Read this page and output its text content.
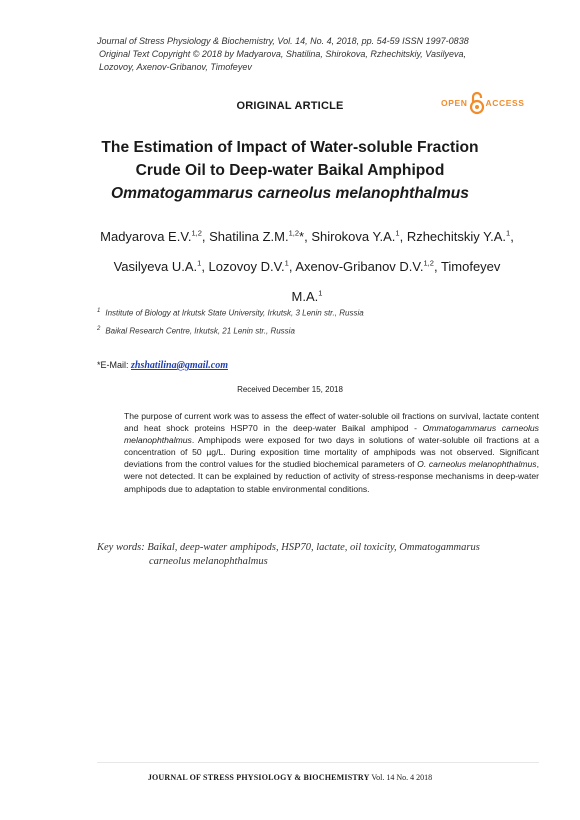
Journal of Stress Physiology & Biochemistry, Vol. 14, No. 4, 2018, pp. 54-59 ISSN 1997-0838
Original Text Copyright © 2018 by Madyarova, Shatilina, Shirokova, Rzhechitskiy, Vasilyeva,
Lozovoy, Axenov-Gribanov, Timofeyev
ORIGINAL ARTICLE	OPEN ACCESS
The Estimation of Impact of Water-soluble Fraction
Crude Oil to Deep-water Baikal Amphipod
Ommatogammarus carneolus melanophthalmus
Madyarova E.V.$^{1,2}$, Shatilina Z.M.$^{1,2}$*, Shirokova Y.A.$^1$, Rzhechitskiy Y.A.$^1$, Vasilyeva U.A.$^1$, Lozovoy D.V.$^1$, Axenov-Gribanov D.V.$^{1,2}$, Timofeyev M.A.$^1$
$^1$ Institute of Biology at Irkutsk State University, Irkutsk, 3 Lenin str., Russia
$^2$ Baikal Research Centre, Irkutsk, 21 Lenin str., Russia
*E-Mail: zhshatilina@gmail.com
Received December 15, 2018
The purpose of current work was to assess the effect of water-soluble oil fractions on survival, lactate content and heat shock proteins HSP70 in the deep-water Baikal amphipod - Ommatogammarus carneolus melanophthalmus. Amphipods were exposed for two days in solutions of water-soluble oil fractions at a concentration of 50 µg/L. During exposition time mortality of amphipods was not observed. Significant deviations from the control values for the studied biochemical parameters of O. carneolus melanophthalmus, were not detected. It can be explained by reduction of activity of stress-response mechanisms in deep-water amphipods due to adaptation to stable environmental conditions.
Key words: Baikal, deep-water amphipods, HSP70, lactate, oil toxicity, Ommatogammarus
carneolus melanophthalmus
JOURNAL OF STRESS PHYSIOLOGY & BIOCHEMISTRY Vol. 14 No. 4 2018
